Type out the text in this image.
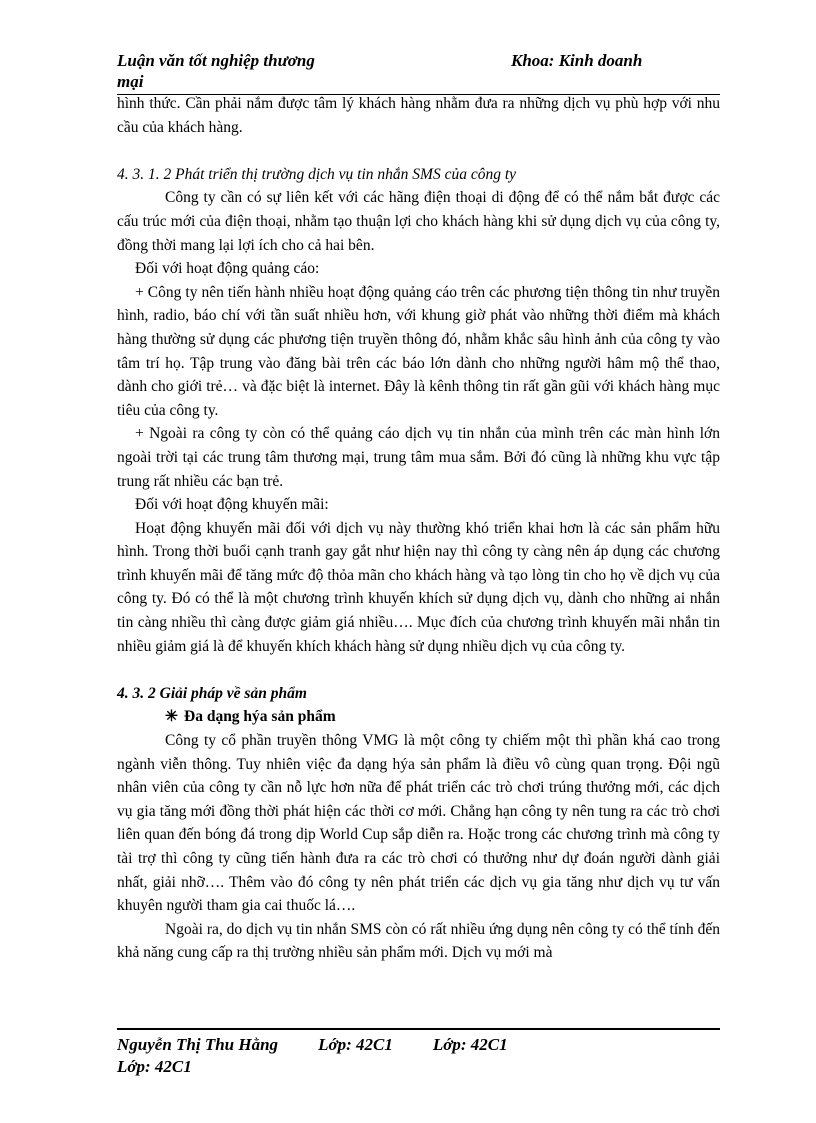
Luận văn tốt nghiệp thương mại
Khoa: Kinh doanh

hình thức. Cần phải nắm được tâm lý khách hàng nhằm đưa ra những dịch vụ phù hợp với nhu cầu của khách hàng.

4. 3. 1. 2 Phát triển thị trường dịch vụ tin nhắn SMS của công ty

Công ty cần có sự liên kết với các hãng điện thoại di động để có thể nắm bắt được các cấu trúc mới của điện thoại, nhằm tạo thuận lợi cho khách hàng khi sử dụng dịch vụ của công ty, đồng thời mang lại lợi ích cho cả hai bên.

Đối với hoạt động quảng cáo:

+ Công ty nên tiến hành nhiều hoạt động quảng cáo trên các phương tiện thông tin như truyền hình, radio, báo chí với tần suất nhiều hơn, với khung giờ phát vào những thời điểm mà khách hàng thường sử dụng các phương tiện truyền thông đó, nhằm khắc sâu hình ảnh của công ty vào tâm trí họ. Tập trung vào đăng bài trên các báo lớn dành cho những người hâm mộ thể thao, dành cho giới trẻ… và đặc biệt là internet. Đây là kênh thông tin rất gần gũi với khách hàng mục tiêu của công ty.

+ Ngoài ra công ty còn có thể quảng cáo dịch vụ tin nhắn của mình trên các màn hình lớn ngoài trời tại các trung tâm thương mại, trung tâm mua sắm. Bởi đó cũng là những khu vực tập trung rất nhiều các bạn trẻ.

Đối với hoạt động khuyến mãi:

Hoạt động khuyến mãi đối với dịch vụ này thường khó triển khai hơn là các sản phẩm hữu hình. Trong thời buổi cạnh tranh gay gắt như hiện nay thì công ty càng nên áp dụng các chương trình khuyến mãi để tăng mức độ thỏa mãn cho khách hàng và tạo lòng tin cho họ về dịch vụ của công ty. Đó có thể là một chương trình khuyến khích sử dụng dịch vụ, dành cho những ai nhắn tin càng nhiều thì càng được giảm giá nhiều…. Mục đích của chương trình khuyến mãi nhắn tin nhiều giảm giá là để khuyến khích khách hàng sử dụng nhiều dịch vụ của công ty.

4. 3. 2 Giải pháp về sản phẩm

✳ Đa dạng hýa sản phẩm

Công ty cổ phần truyền thông VMG là một công ty chiếm một thì phần khá cao trong ngành viễn thông. Tuy nhiên việc đa dạng hýa sản phẩm là điều vô cùng quan trọng. Đội ngũ nhân viên của công ty cần nỗ lực hơn nữa để phát triển các trò chơi trúng thưởng mới, các dịch vụ gia tăng mới đồng thời phát hiện các thời cơ mới. Chẳng hạn công ty nên tung ra các trò chơi liên quan đến bóng đá trong dịp World Cup sắp diễn ra. Hoặc trong các chương trình mà công ty tài trợ thì công ty cũng tiến hành đưa ra các trò chơi có thưởng như dự đoán người dành giải nhất, giải nhỡ…. Thêm vào đó công ty nên phát triển các dịch vụ gia tăng như dịch vụ tư vấn khuyên người tham gia cai thuốc lá….

Ngoài ra, do dịch vụ tin nhắn SMS còn có rất nhiều ứng dụng nên công ty có thể tính đến khả năng cung cấp ra thị trường nhiều sản phẩm mới. Dịch vụ mới mà

Nguyễn Thị Thu Hằng Lớp: 42C1 Lớp: 42C1
Lớp: 42C1
